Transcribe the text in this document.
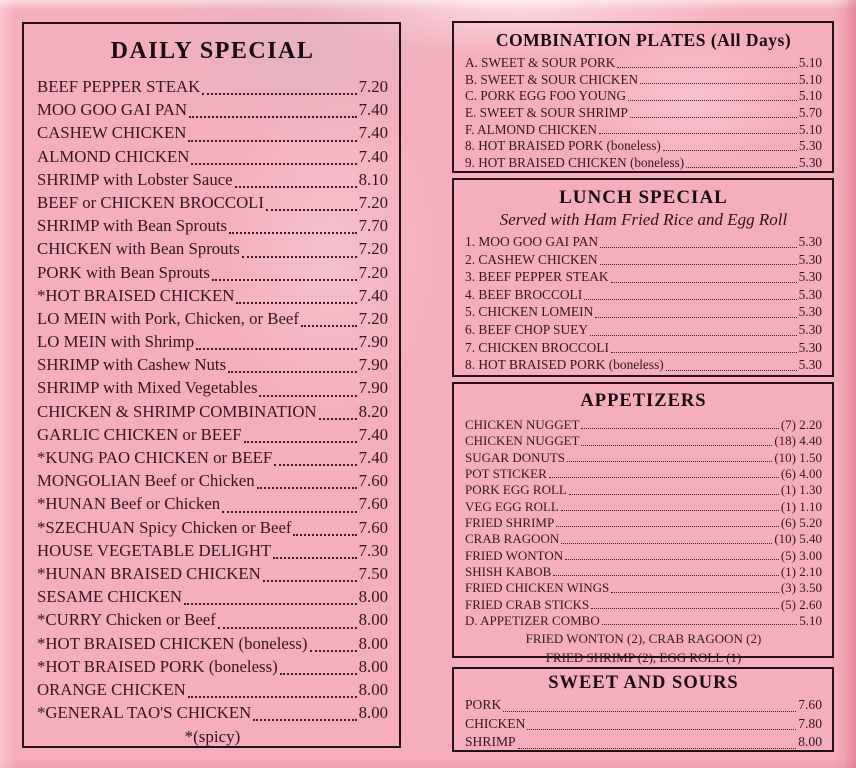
DAILY SPECIAL
BEEF PEPPER STEAK	7.20
MOO GOO GAI PAN	7.40
CASHEW CHICKEN	7.40
ALMOND CHICKEN	7.40
SHRIMP with Lobster Sauce	8.10
BEEF or CHICKEN BROCCOLI	7.20
SHRIMP with Bean Sprouts	7.70
CHICKEN with Bean Sprouts	7.20
PORK with Bean Sprouts	7.20
*HOT BRAISED CHICKEN	7.40
LO MEIN with Pork, Chicken, or Beef	7.20
LO MEIN with Shrimp	7.90
SHRIMP with Cashew Nuts	7.90
SHRIMP with Mixed Vegetables	7.90
CHICKEN & SHRIMP COMBINATION	8.20
GARLIC CHICKEN or BEEF	7.40
*KUNG PAO CHICKEN or BEEF	7.40
MONGOLIAN Beef or Chicken	7.60
*HUNAN Beef or Chicken	7.60
*SZECHUAN Spicy Chicken or Beef	7.60
HOUSE VEGETABLE DELIGHT	7.30
*HUNAN BRAISED CHICKEN	7.50
SESAME CHICKEN	8.00
*CURRY Chicken or Beef	8.00
*HOT BRAISED CHICKEN (boneless)	8.00
*HOT BRAISED PORK (boneless)	8.00
ORANGE CHICKEN	8.00
*GENERAL TAO'S CHICKEN	8.00
*(spicy)
COMBINATION PLATES (All Days)
A. SWEET & SOUR PORK	5.10
B. SWEET & SOUR CHICKEN	5.10
C. PORK EGG FOO YOUNG	5.10
E. SWEET & SOUR SHRIMP	5.70
F. ALMOND CHICKEN	5.10
8. HOT BRAISED PORK (boneless)	5.30
9. HOT BRAISED CHICKEN (boneless)	5.30
LUNCH SPECIAL
Served with Ham Fried Rice and Egg Roll
1. MOO GOO GAI PAN	5.30
2. CASHEW CHICKEN	5.30
3. BEEF PEPPER STEAK	5.30
4. BEEF BROCCOLI	5.30
5. CHICKEN LOMEIN	5.30
6. BEEF CHOP SUEY	5.30
7. CHICKEN BROCCOLI	5.30
8. HOT BRAISED PORK (boneless)	5.30
APPETIZERS
CHICKEN NUGGET	(7) 2.20
CHICKEN NUGGET	(18) 4.40
SUGAR DONUTS	(10) 1.50
POT STICKER	(6) 4.00
PORK EGG ROLL	(1) 1.30
VEG EGG ROLL	(1) 1.10
FRIED SHRIMP	(6) 5.20
CRAB RAGOON	(10) 5.40
FRIED WONTON	(5) 3.00
SHISH KABOB	(1) 2.10
FRIED CHICKEN WINGS	(3) 3.50
FRIED CRAB STICKS	(5) 2.60
D. APPETIZER COMBO	5.10
FRIED WONTON (2), CRAB RAGOON (2)
FRIED SHRIMP (2), EGG ROLL (1)
SWEET AND SOURS
PORK	7.60
CHICKEN	7.80
SHRIMP	8.00
